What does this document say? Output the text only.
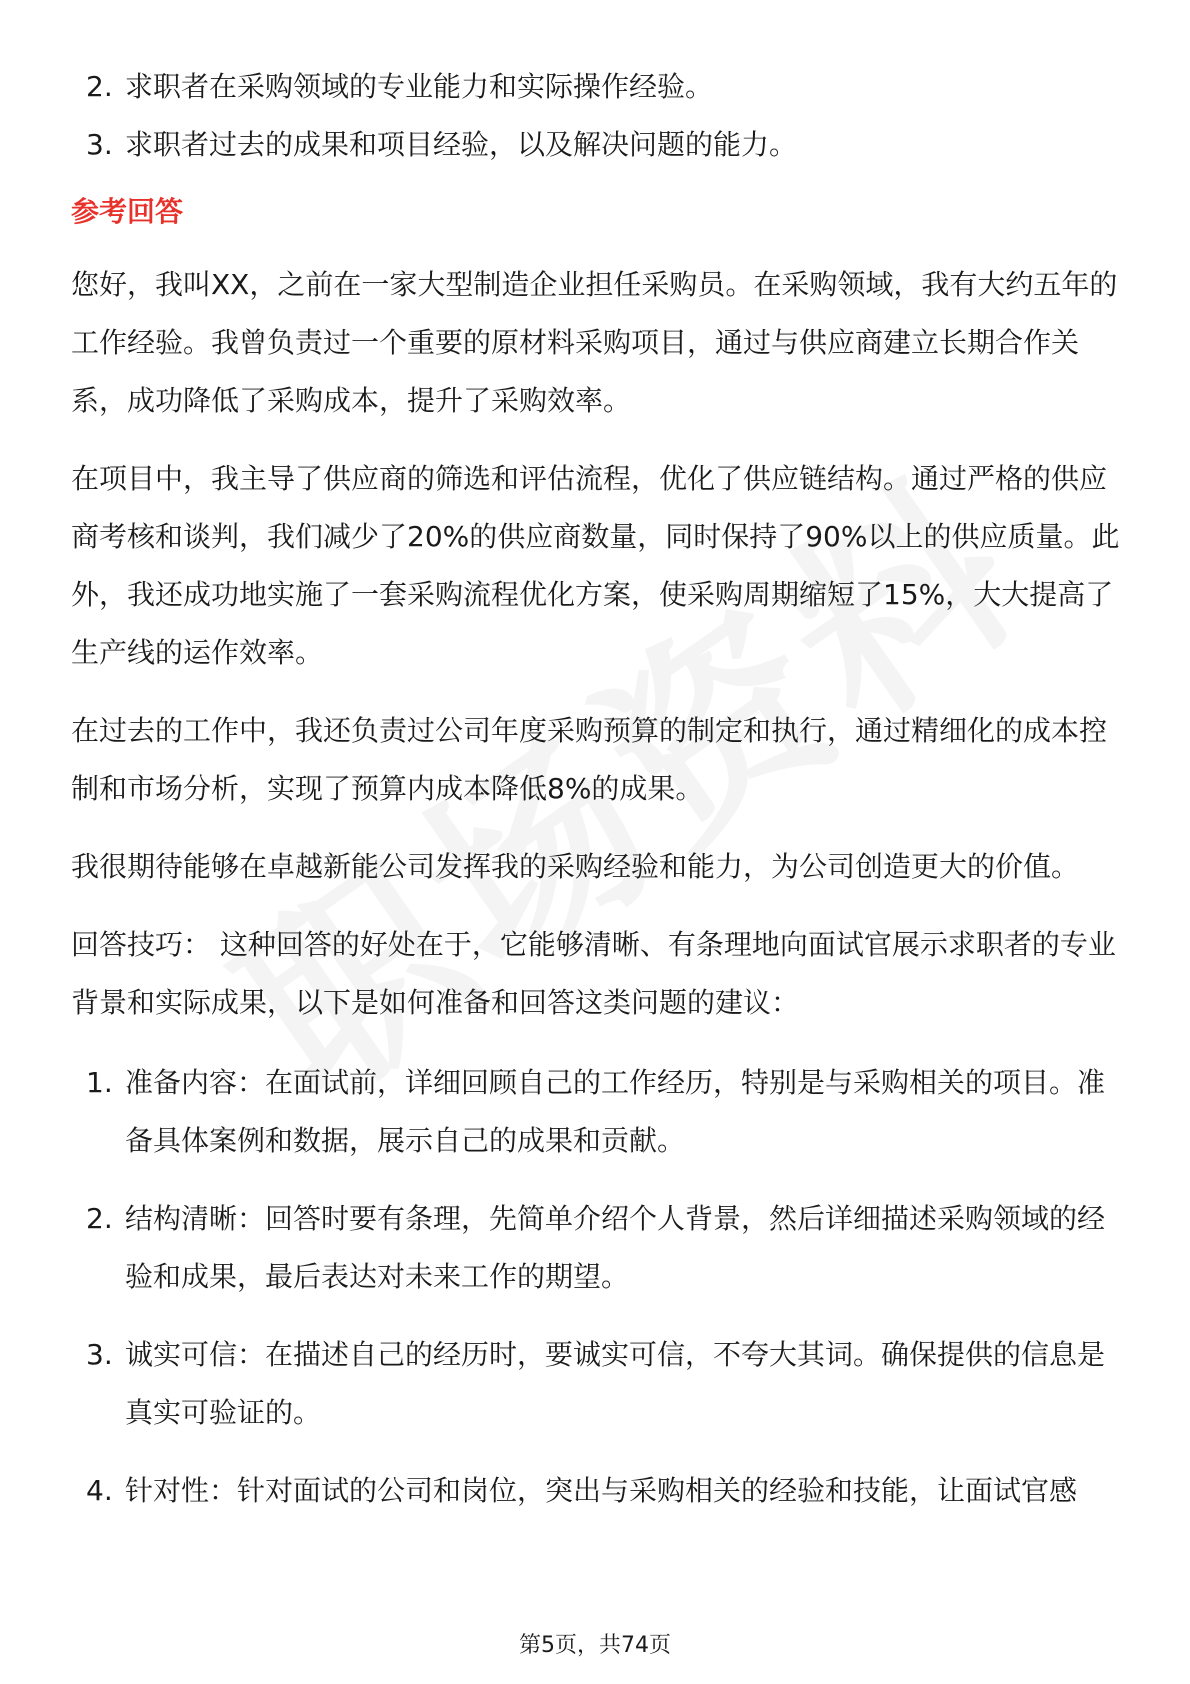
2. 求职者在采购领域的专业能力和实际操作经验。
3. 求职者过去的成果和项目经验，以及解决问题的能力。
参考回答

您好，我叫XX，之前在一家大型制造企业担任采购员。在采购领域，我有大约五年的工作经验。我曾负责过一个重要的原材料采购项目，通过与供应商建立长期合作关系，成功降低了采购成本，提升了采购效率。

在项目中，我主导了供应商的筛选和评估流程，优化了供应链结构。通过严格的供应商考核和谈判，我们减少了20%的供应商数量，同时保持了90%以上的供应质量。此外，我还成功地实施了一套采购流程优化方案，使采购周期缩短了15%，大大提高了生产线的运作效率。

在过去的工作中，我还负责过公司年度采购预算的制定和执行，通过精细化的成本控制和市场分析，实现了预算内成本降低8%的成果。

我很期待能够在卓越新能公司发挥我的采购经验和能力，为公司创造更大的价值。

回答技巧： 这种回答的好处在于，它能够清晰、有条理地向面试官展示求职者的专业背景和实际成果，以下是如何准备和回答这类问题的建议：

1. 准备内容：在面试前，详细回顾自己的工作经历，特别是与采购相关的项目。准备具体案例和数据，展示自己的成果和贡献。
2. 结构清晰：回答时要有条理，先简单介绍个人背景，然后详细描述采购领域的经验和成果，最后表达对未来工作的期望。
3. 诚实可信：在描述自己的经历时，要诚实可信，不夸大其词。确保提供的信息是真实可验证的。
4. 针对性：针对面试的公司和岗位，突出与采购相关的经验和技能，让面试官感
第5页，共74页
